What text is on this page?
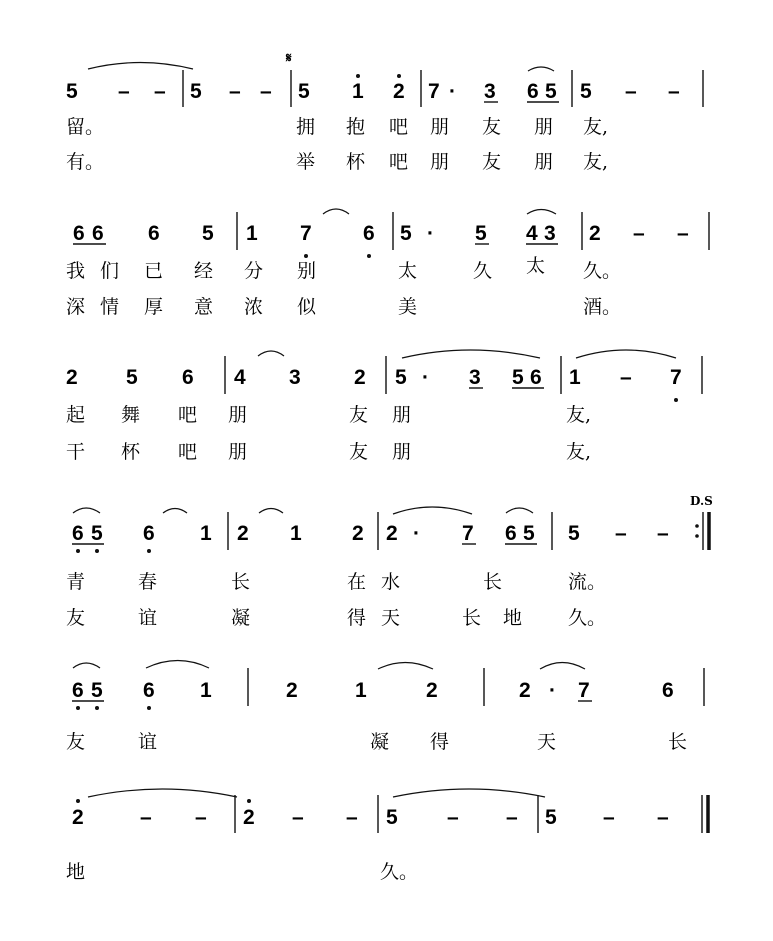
𝄋
5 – – 5 – – 5 1 2 7 · 3 6 5 5 – –
留。	拥 抱 吧 朋 友 朋 友,
有。	举 杯 吧 朋 友 朋 友,
6 6 6 5 1 7 6 5 · 5 4 3 2 – –
我 们 已 经 分 别	太	久 太 久。
深 情 厚 意 浓 似	美	酒。
2 5 6 4 3	2 5 · 3 5 6 1 – 7
起 舞 吧 朋	友 朋	友,
干 杯 吧 朋	友 朋	友,
D.S
6 5 6 1 2 1 2 2 · 7 6 5 5 – –
青	春	长	在 水	长	流。
友	谊	凝	得 天	长 地 久。
6 5 6 1	2	1	2	2 · 7	6
友	谊	凝 得	天	长
2	– – 2 – – 5 – – 5 – –
地	久。
